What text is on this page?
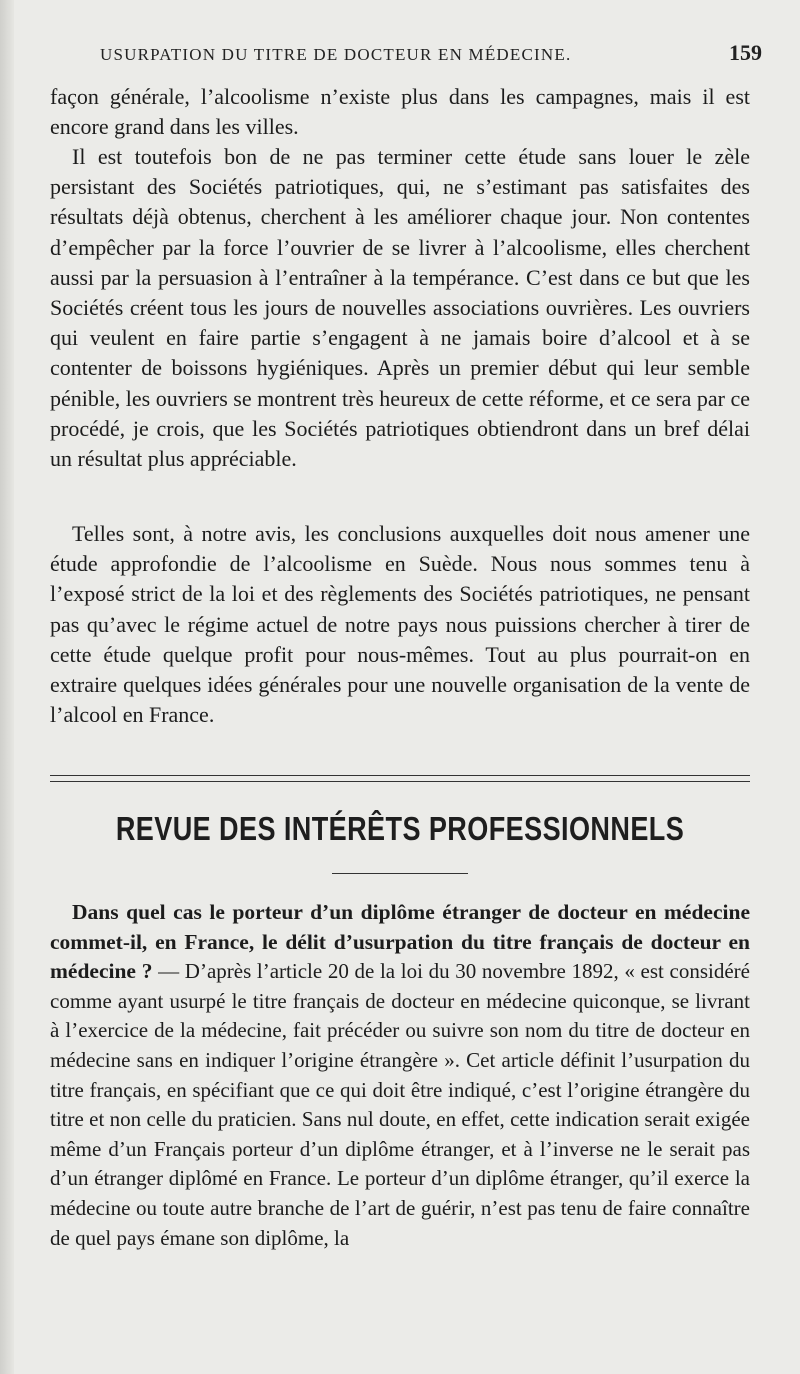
USURPATION DU TITRE DE DOCTEUR EN MÉDECINE.	159

façon générale, l’alcoolisme n’existe plus dans les campagnes, mais il est encore grand dans les villes.

Il est toutefois bon de ne pas terminer cette étude sans louer le zèle persistant des Sociétés patriotiques, qui, ne s’estimant pas satisfaites des résultats déjà obtenus, cherchent à les améliorer chaque jour. Non contentes d’empêcher par la force l’ouvrier de se livrer à l’alcoolisme, elles cherchent aussi par la persuasion à l’entraîner à la tempérance. C’est dans ce but que les Sociétés créent tous les jours de nouvelles associations ouvrières. Les ouvriers qui veulent en faire partie s’engagent à ne jamais boire d’alcool et à se contenter de boissons hygiéniques. Après un premier début qui leur semble pénible, les ouvriers se montrent très heureux de cette réforme, et ce sera par ce procédé, je crois, que les Sociétés patriotiques obtiendront dans un bref délai un résultat plus appréciable.

Telles sont, à notre avis, les conclusions auxquelles doit nous amener une étude approfondie de l’alcoolisme en Suède. Nous nous sommes tenu à l’exposé strict de la loi et des règlements des Sociétés patriotiques, ne pensant pas qu’avec le régime actuel de notre pays nous puissions chercher à tirer de cette étude quelque profit pour nous-mêmes. Tout au plus pourrait-on en extraire quelques idées générales pour une nouvelle organisation de la vente de l’alcool en France.

REVUE DES INTÉRÊTS PROFESSIONNELS

Dans quel cas le porteur d’un diplôme étranger de docteur en médecine commet-il, en France, le délit d’usurpation du titre français de docteur en médecine ? — D’après l’article 20 de la loi du 30 novembre 1892, « est considéré comme ayant usurpé le titre français de docteur en médecine quiconque, se livrant à l’exercice de la médecine, fait précéder ou suivre son nom du titre de docteur en médecine sans en indiquer l’origine étrangère ». Cet article définit l’usurpation du titre français, en spécifiant que ce qui doit être indiqué, c’est l’origine étrangère du titre et non celle du praticien. Sans nul doute, en effet, cette indication serait exigée même d’un Français porteur d’un diplôme étranger, et à l’inverse ne le serait pas d’un étranger diplômé en France. Le porteur d’un diplôme étranger, qu’il exerce la médecine ou toute autre branche de l’art de guérir, n’est pas tenu de faire connaître de quel pays émane son diplôme, la
